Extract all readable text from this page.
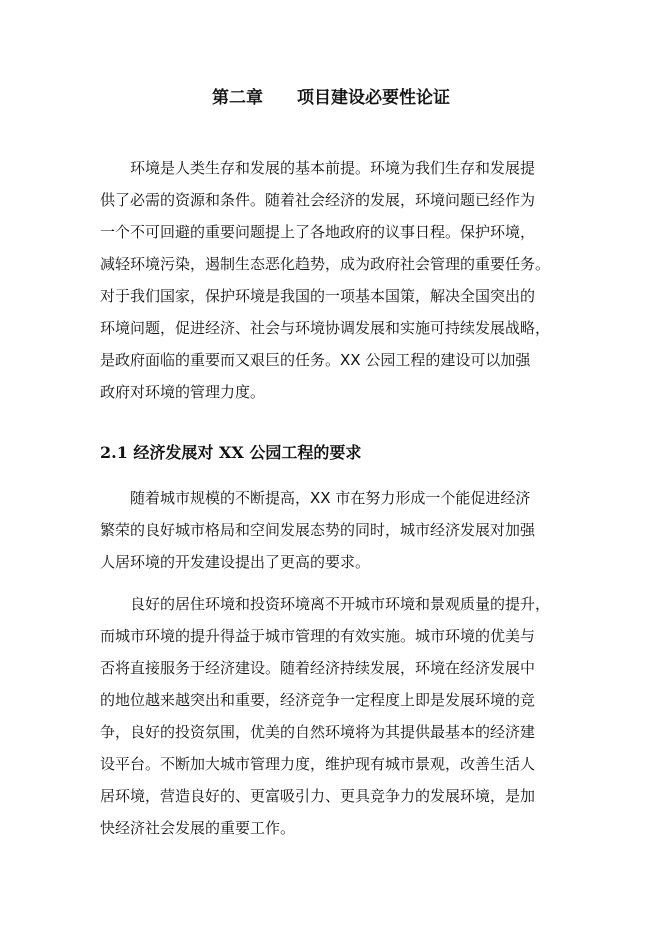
第二章　　项目建设必要性论证
环境是人类生存和发展的基本前提。环境为我们生存和发展提
供了必需的资源和条件。随着社会经济的发展，环境问题已经作为
一个不可回避的重要问题提上了各地政府的议事日程。保护环境，
减轻环境污染，遏制生态恶化趋势，成为政府社会管理的重要任务。
对于我们国家，保护环境是我国的一项基本国策，解决全国突出的
环境问题，促进经济、社会与环境协调发展和实施可持续发展战略，
是政府面临的重要而又艰巨的任务。XX 公园工程的建设可以加强
政府对环境的管理力度。
2.1 经济发展对 XX 公园工程的要求
随着城市规模的不断提高，XX 市在努力形成一个能促进经济
繁荣的良好城市格局和空间发展态势的同时，城市经济发展对加强
人居环境的开发建设提出了更高的要求。
良好的居住环境和投资环境离不开城市环境和景观质量的提升，
而城市环境的提升得益于城市管理的有效实施。城市环境的优美与
否将直接服务于经济建设。随着经济持续发展，环境在经济发展中
的地位越来越突出和重要，经济竞争一定程度上即是发展环境的竞
争，良好的投资氛围，优美的自然环境将为其提供最基本的经济建
设平台。不断加大城市管理力度，维护现有城市景观，改善生活人
居环境，营造良好的、更富吸引力、更具竞争力的发展环境，是加
快经济社会发展的重要工作。
